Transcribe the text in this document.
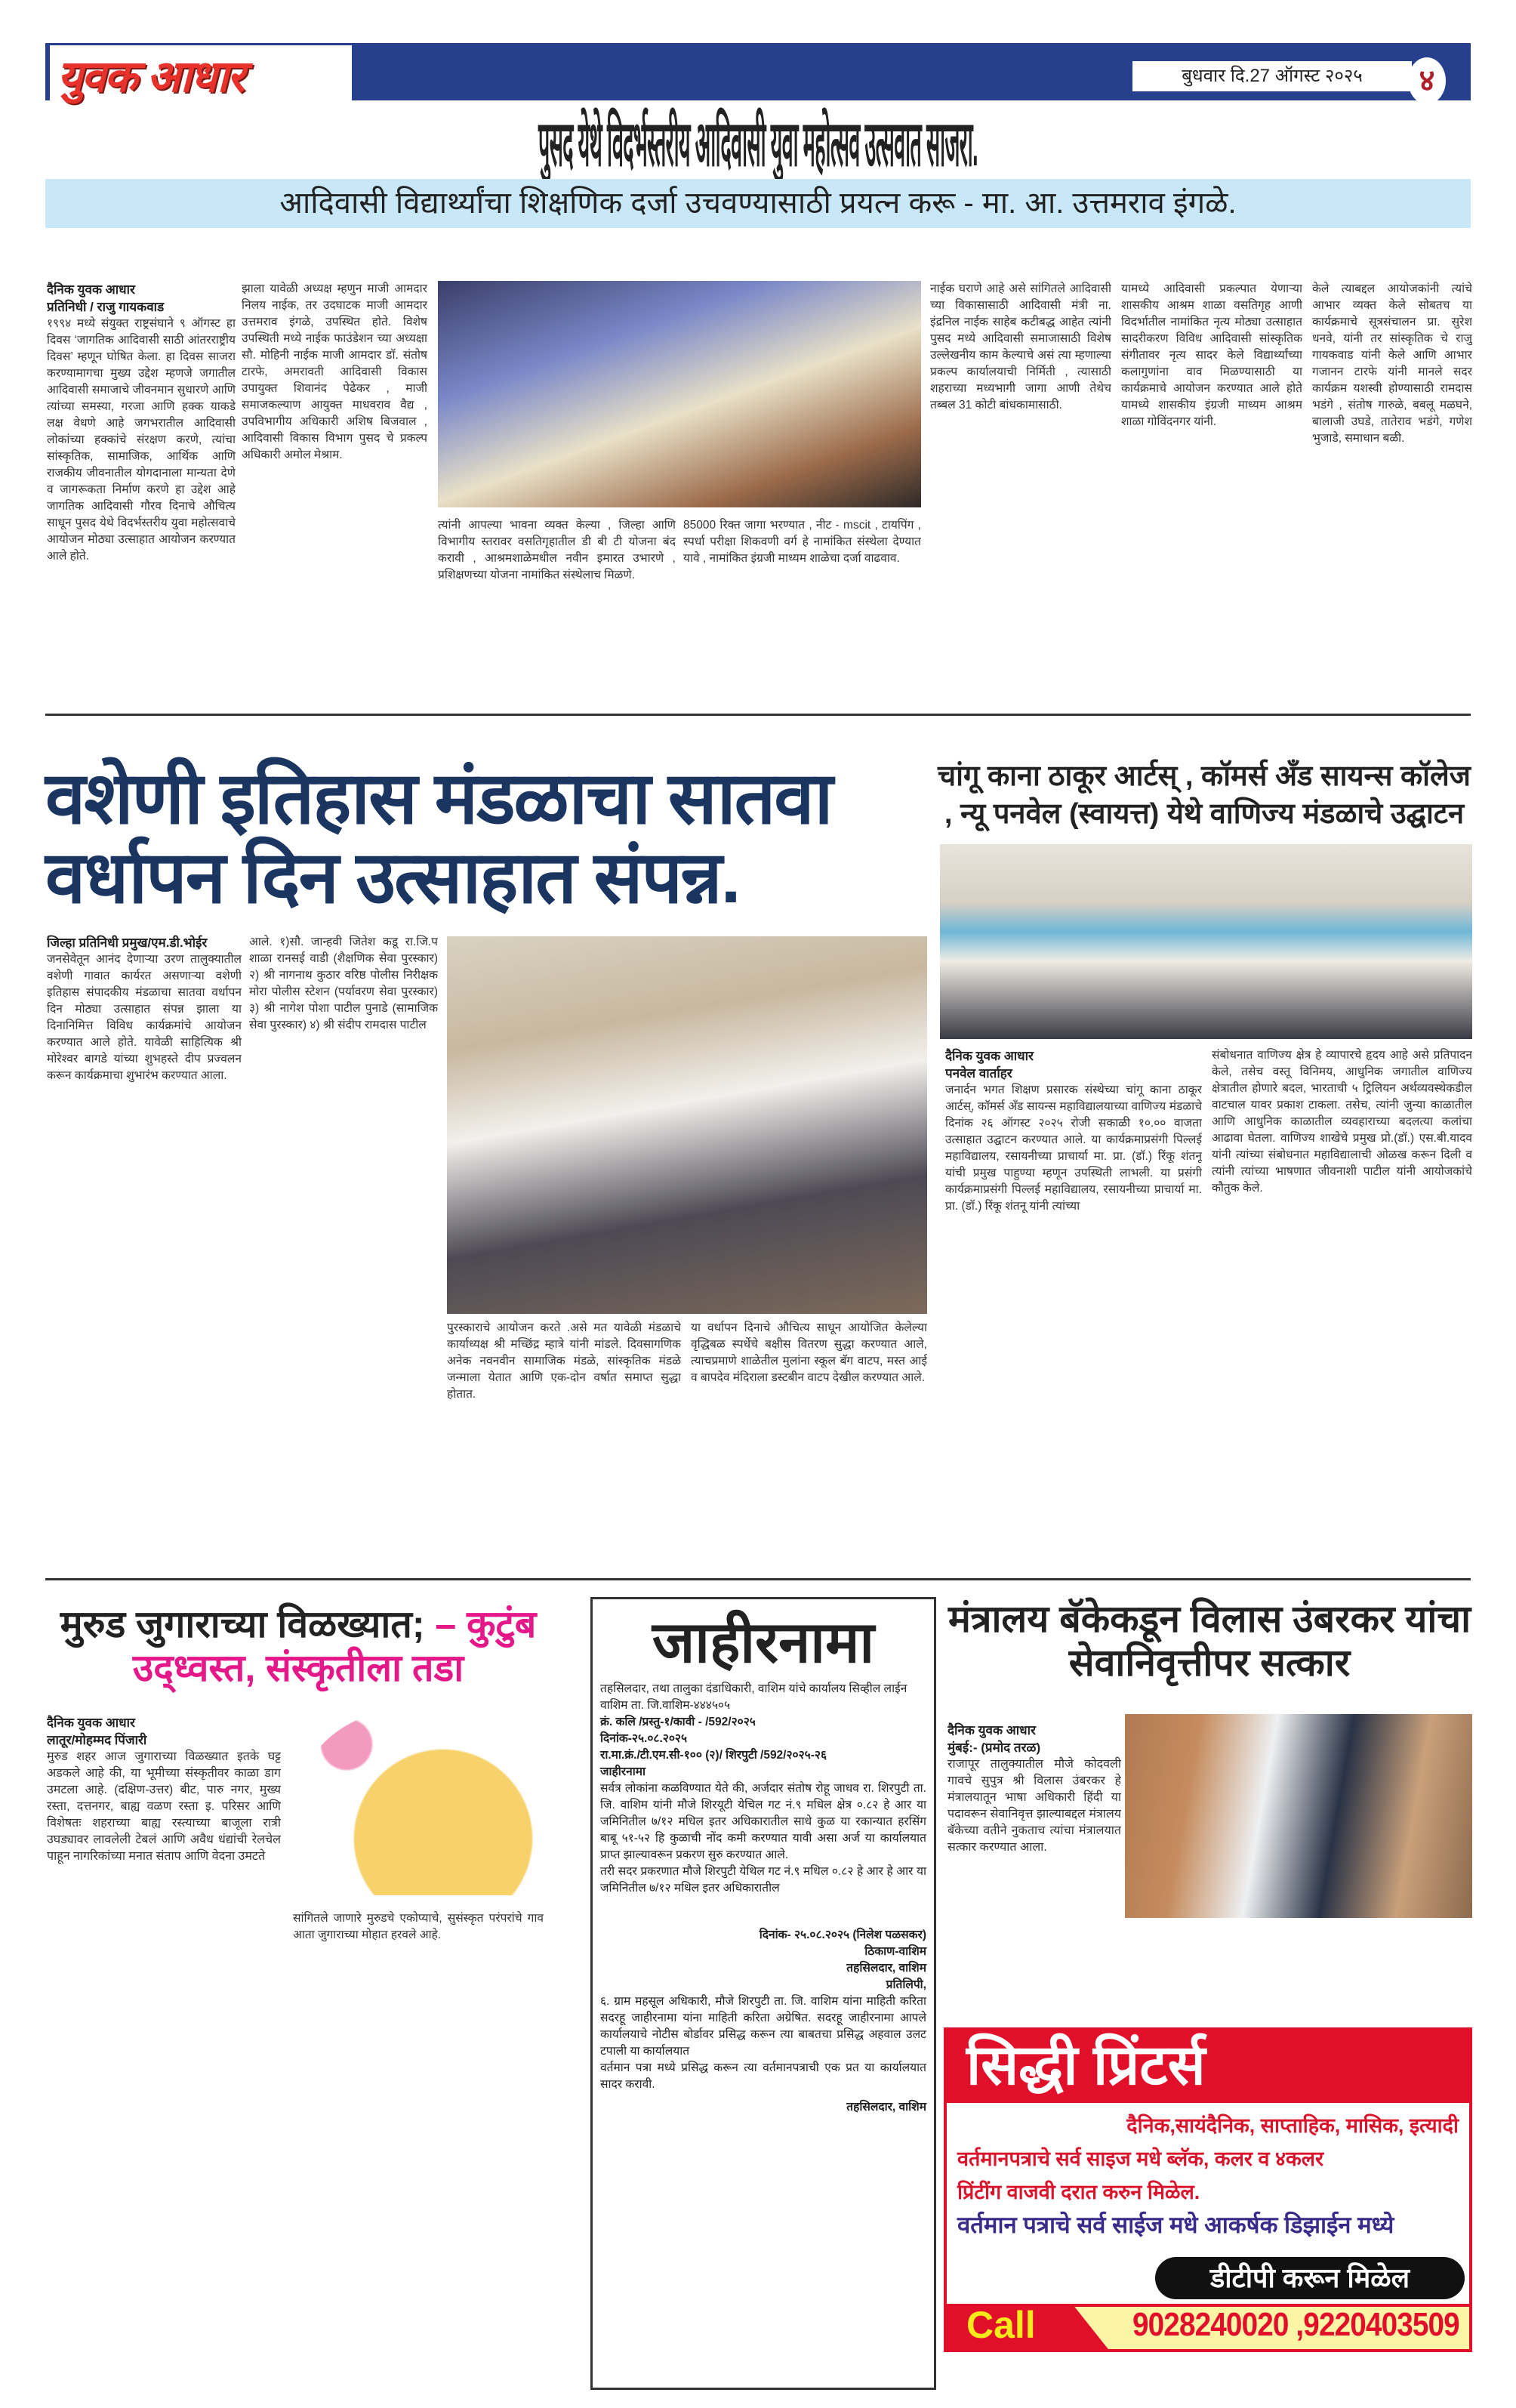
युवक आधार	बुधवार दि.27 ऑगस्ट २०२५	४
पुसद येथे विदर्भस्तरीय आदिवासी युवा महोत्सव उत्सवात साजरा.
आदिवासी विद्यार्थ्यांचा शिक्षणिक दर्जा उचवण्यासाठी प्रयत्न करू - मा. आ. उत्तमराव इंगळे.
दैनिक युवक आधार
प्रतिनिधी / राजु गायकवाड

१९९४ मध्ये संयुक्त राष्ट्रसंघाने ९ ऑगस्ट हा दिवस ‘जागतिक आदिवासी साठी आंतरराष्ट्रीय दिवस’ म्हणून घोषित केला. हा दिवस साजरा करण्यामागचा मुख्य उद्देश म्हणजे जगातील आदिवासी समाजाचे जीवनमान सुधारणे आणि त्यांच्या समस्या, गरजा आणि हक्क याकडे लक्ष वेधणे आहे जगभरातील आदिवासी लोकांच्या हक्कांचे संरक्षण करणे, त्यांचा सांस्कृतिक, सामाजिक, आर्थिक आणि राजकीय जीवनातील योगदानाला मान्यता देणे व जागरूकता निर्माण करणे हा उद्देश आहे जागतिक आदिवासी गौरव दिनाचे औचित्य साधून पुसद येथे विदर्भस्तरीय युवा महोत्सवाचे आयोजन मोठ्या उत्साहात आयोजन करण्यात आले होते.

झाला यावेळी अध्यक्ष म्हणुन माजी आमदार निलय नाईक, तर उदघाटक माजी आमदार उत्तमराव इंगळे, उपस्थित होते. विशेष उपस्थिती मध्ये नाईक फाउंडेशन च्या अध्यक्षा सौ. मोहिनी नाईक माजी आमदार डॉ. संतोष टारफे, अमरावती आदिवासी विकास उपायुक्त शिवानंद पेढेकर , माजी समाजकल्याण आयुक्त माधवराव वैद्य , उपविभागीय अधिकारी अशिष बिजवाल , आदिवासी विकास विभाग पुसद चे प्रकल्प अधिकारी अमोल मेश्राम.

त्यांनी आपल्या भावना व्यक्त केल्या , जिल्हा आणि विभागीय स्तरावर वसतिगृहातील डी बी टी योजना बंद करावी , आश्रमशाळेमधील नवीन इमारत उभारणे , प्रशिक्षणच्या योजना नामांकित संस्थेलाच मिळणे.

85000 रिक्त जागा भरण्यात , नीट - mscit , टायपिंग , स्पर्धा परीक्षा शिकवणी वर्ग हे नामांकित संस्थेला देण्यात यावे , नामांकित इंग्रजी माध्यम शाळेचा दर्जा वाढवाव.

नाईक घराणे आहे असे सांगितले आदिवासी च्या विकासासाठी आदिवासी मंत्री ना. इंद्रनिल नाईक साहेब कटीबद्ध आहेत त्यांनी पुसद मध्ये आदिवासी समाजासाठी विशेष उल्लेखनीय काम केल्याचे असं त्या म्हणाल्या प्रकल्प कार्यालयाची निर्मिती , त्यासाठी शहराच्या मध्यभागी जागा आणी तेथेच तब्बल 31 कोटी बांधकामासाठी.

यामध्ये आदिवासी प्रकल्पात येणाऱ्या शासकीय आश्रम शाळा वसतिगृह आणी विदर्भातील नामांकित नृत्य मोठ्या उत्साहात सादरीकरण विविध आदिवासी सांस्कृतिक संगीतावर नृत्य सादर केले विद्यार्थ्यांच्या कलागुणांना वाव मिळण्यासाठी या कार्यक्रमाचे आयोजन करण्यात आले होते यामध्ये शासकीय इंग्रजी माध्यम आश्रम शाळा गोविंदनगर यांनी.

केले त्याबद्दल आयोजकांनी त्यांचे आभार व्यक्त केले सोबतच या कार्यक्रमाचे सूत्रसंचालन प्रा. सुरेश धनवे, यांनी तर सांस्कृतिक चे राजु गायकवाड यांनी केले आणि आभार गजानन टारफे यांनी मानले सदर कार्यक्रम यशस्वी होण्यासाठी रामदास भडंगे , संतोष गारुळे, बबलू मळघने, बालाजी उघडे, तातेराव भडंगे, गणेश भुजाडे, समाधान बळी.

वशेणी इतिहास मंडळाचा सातवा
वर्धापन दिन उत्साहात संपन्न.
जिल्हा प्रतिनिधी प्रमुख/एम.डी.भोईर

जनसेवेतून आनंद देणाऱ्या उरण तालुक्यातील वशेणी गावात कार्यरत असणाऱ्या वशेणी इतिहास संपादकीय मंडळाचा सातवा वर्धापन दिन मोठ्या उत्साहात संपन्न झाला या दिनानिमित्त विविध कार्यक्रमांचे आयोजन करण्यात आले होते. यावेळी साहित्यिक श्री मोरेश्वर बागडे यांच्या शुभहस्ते दीप प्रज्वलन करून कार्यक्रमाचा शुभारंभ करण्यात आला.

आले. १)सौ. जान्हवी जितेश कडू रा.जि.प शाळा रानसई वाडी (शैक्षणिक सेवा पुरस्कार) २) श्री नागनाथ कुठार वरिष्ठ पोलीस निरीक्षक मोरा पोलीस स्टेशन (पर्यावरण सेवा पुरस्कार) ३) श्री नागेश पोशा पाटील पुनाडे (सामाजिक सेवा पुरस्कार) ४) श्री संदीप रामदास पाटील

पुरस्काराचे आयोजन करते .असे मत यावेळी मंडळाचे कार्याध्यक्ष श्री मच्छिंद्र म्हात्रे यांनी मांडले. दिवसागणिक अनेक नवनवीन सामाजिक मंडळे, सांस्कृतिक मंडळे जन्माला येतात आणि एक-दोन वर्षात समाप्त सुद्धा होतात.

या वर्धापन दिनाचे औचित्य साधून आयोजित केलेल्या वृद्धिबळ स्पर्धेचे बक्षीस वितरण सुद्धा करण्यात आले, त्याचप्रमाणे शाळेतील मुलांना स्कूल बॅग वाटप, मस्त आई व बापदेव मंदिराला डस्टबीन वाटप देखील करण्यात आले.

चांगू काना ठाकूर आर्टस् , कॉमर्स अँड सायन्स कॉलेज , न्यू पनवेल (स्वायत्त) येथे वाणिज्य मंडळाचे उद्घाटन
दैनिक युवक आधार
पनवेल वार्ताहर

जनार्दन भगत शिक्षण प्रसारक संस्थेच्या चांगू काना ठाकूर आर्टस्, कॉमर्स अँड सायन्स महाविद्यालयाच्या वाणिज्य मंडळाचे दिनांक २६ ऑगस्ट २०२५ रोजी सकाळी १०.०० वाजता उत्साहात उद्घाटन करण्यात आले. या कार्यक्रमाप्रसंगी पिल्लई महाविद्यालय, रसायनीच्या प्राचार्या मा. प्रा. (डॉ.) रिंकू शंतनू यांची प्रमुख पाहुण्या म्हणून उपस्थिती लाभली. या प्रसंगी कार्यक्रमाप्रसंगी पिल्लई महाविद्यालय, रसायनीच्या प्राचार्या मा. प्रा. (डॉ.) रिंकू शंतनू यांनी त्यांच्या

संबोधनात वाणिज्य क्षेत्र हे व्यापारचे हृदय आहे असे प्रतिपादन केले, तसेच वस्तू विनिमय, आधुनिक जगातील वाणिज्य क्षेत्रातील होणारे बदल, भारताची ५ ट्रिलियन अर्थव्यवस्थेकडील वाटचाल यावर प्रकाश टाकला. तसेच, त्यांनी जुन्या काळातील आणि आधुनिक काळातील व्यवहाराच्या बदलत्या कलांचा आढावा घेतला. वाणिज्य शाखेचे प्रमुख प्रो.(डॉ.) एस.बी.यादव यांनी त्यांच्या संबोधनात महाविद्यालाची ओळख करून दिली व त्यांनी त्यांच्या भाषणात जीवनाशी पाटील यांनी आयोजकांचे कौतुक केले.

मुरुड जुगाराच्या विळख्यात; – कुटुंब उद्ध्वस्त, संस्कृतीला तडा
दैनिक युवक आधार
लातूर/मोहम्मद पिंजारी

मुरुड शहर आज जुगाराच्या विळख्यात इतके घट्ट अडकले आहे की, या भूमीच्या संस्कृतीवर काळा डाग उमटला आहे. (दक्षिण-उत्तर) बीट, पारु नगर, मुख्य रस्ता, दत्तनगर, बाह्य वळण रस्ता इ. परिसर आणि विशेषतः शहराच्या बाह्य रस्त्याच्या बाजूला रात्री उघड्यावर लावलेली टेबलं आणि अवैध धंद्यांची रेलचेल पाहून नागरिकांच्या मनात संताप आणि वेदना उमटते

सांगितले जाणारे मुरुडचे एकोप्याचे, सुसंस्कृत परंपरांचे गाव आता जुगाराच्या मोहात हरवले आहे.

जाहीरनामा

तहसिलदार, तथा तालुका दंडाधिकारी, वाशिम यांचे कार्यालय सिव्हील लाईन वाशिम ता. जि.वाशिम-४४४५०५

क्रं. कलि /प्रस्तु-१/कावी - /592/२०२५

दिनांक-२५.०८.२०२५

रा.मा.क्रं./टी.एम.सी-१०० (२)/ शिरपुटी /592/२०२५-२६

जाहीरनामा

सर्वत्र लोकांना कळविण्यात येते की, अर्जदार संतोष रोहू जाधव रा. शिरपुटी ता. जि. वाशिम यांनी मौजे शिरयूटी येचिल गट नं.९ मधिल क्षेत्र ०.८२ हे आर या जमिनितील ७/१२ मधिल इतर अधिकारातील साधे कुळ या रकान्यात हरसिंग बाबू ५१-५२ हि कुळाची नोंद कमी करण्यात यावी असा अर्ज या कार्यालयात प्राप्त झाल्यावरून प्रकरण सुरु करण्यात आले.

तरी सदर प्रकरणात मौजे शिरपुटी येथिल गट नं.९ मधिल ०.८२ हे आर हे आर या जमिनितील ७/१२ मधिल इतर अधिकारातील

दिनांक- २५.०८.२०२५ (निलेश पळसकर)

ठिकाण-वाशिम

तहसिलदार, वाशिम

प्रतिलिपी,

६. ग्राम महसूल अधिकारी, मौजे शिरपुटी ता. जि. वाशिम यांना माहिती करिता सदरहू जाहीरनामा यांना माहिती करिता अग्रेषित. सदरहू जाहीरनामा आपले कार्यालयाचे नोटीस बोर्डावर प्रसिद्ध करून त्या बाबतचा प्रसिद्ध अहवाल उलट टपाली या कार्यालयात

वर्तमान पत्रा मध्ये प्रसिद्ध करून त्या वर्तमानपत्राची एक प्रत या कार्यालयात सादर करावी.

तहसिलदार, वाशिम

मंत्रालय बॅकेकडून विलास उंबरकर यांचा सेवानिवृत्तीपर सत्कार
दैनिक युवक आधार
मुंबई:- (प्रमोद तरळ)

राजापूर तालुक्यातील मौजे कोदवली गावचे सुपुत्र श्री विलास उंबरकर हे मंत्रालयातून भाषा अधिकारी हिंदी या पदावरून सेवानिवृत्त झाल्याबद्दल मंत्रालय बॅकेच्या वतीने नुकताच त्यांचा मंत्रालयात सत्कार करण्यात आला.

सिद्धी प्रिंटर्स
दैनिक,सायंदैनिक, साप्ताहिक, मासिक, इत्यादी
वर्तमानपत्राचे सर्व साइज मधे ब्लॅक, कलर व ४कलर
प्रिंटींग वाजवी दरात करुन मिळेल.
वर्तमान पत्राचे सर्व साईज मधे आकर्षक डिझाईन मध्ये
डीटीपी करून मिळेल
Call	9028240020 ,9220403509
